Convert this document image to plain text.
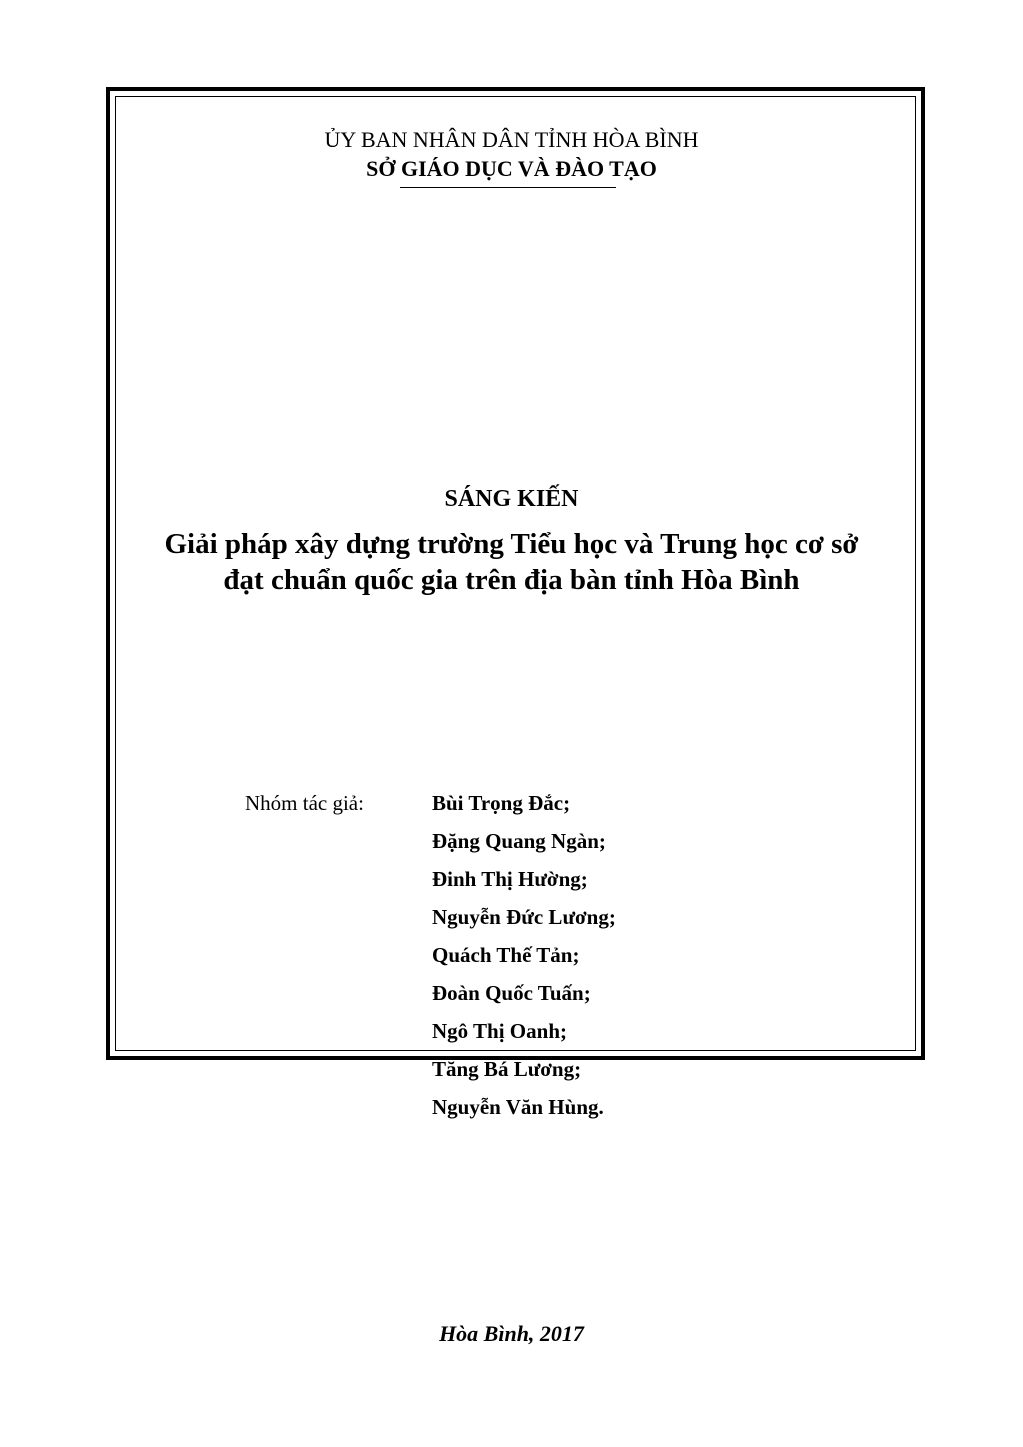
ỦY BAN NHÂN DÂN TỈNH HÒA BÌNH
SỞ GIÁO DỤC VÀ ĐÀO TẠO
SÁNG KIẾN
Giải pháp xây dựng trường Tiểu học và Trung học cơ sở
đạt chuẩn quốc gia trên địa bàn tỉnh Hòa Bình
Nhóm tác giả:	Bùi Trọng Đắc;
Đặng Quang Ngàn;
Đinh Thị Hường;
Nguyễn Đức Lương;
Quách Thế Tản;
Đoàn Quốc Tuấn;
Ngô Thị Oanh;
Tăng Bá Lương;
Nguyễn Văn Hùng.
Hòa Bình, 2017
